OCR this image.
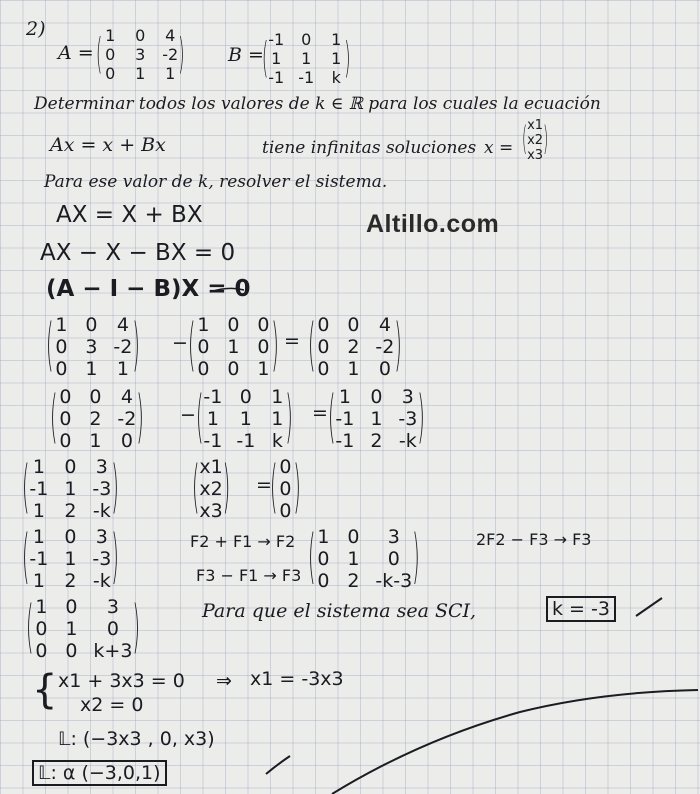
2)
A = ( 1 0 4
0 3 -2
0 1 1 ) B =
( -1 0 1
1 1 1
-1 -1 k )
Determinar todos los valores de k ∈ ℝ para los cuales la ecuación
Ax = x + Bx	tiene infinitas soluciones x = ( x1
x2
x3 )
Para ese valor de k, resolver el sistema.
Altillo.com
AX = X + BX
AX − X − BX = 0
(A − I − B)X = 0
( 1 0 4
0 3 -2
0 1 1 ) − ( 1 0 0
0 1 0
0 0 1 ) = ( 0 0 4
0 2 -2
0 1 0 )
( 0 0 4
0 2 -2
0 1 0 ) − ( -1 0 1
1 1 1
-1 -1 k ) = ( 1 0 3
-1 1 -3
-1 2 -k )
( 1 0 3
-1 1 -3
1 2 -k )	( x1
x2
x3 ) =
( 0
0
0 )
( 1 0 3
-1 1 -3
1 2 -k )	F2 + F1 → F2
F3 − F1 → F3 ( 1 0	3
0 1	0
0 2 -k-3 )	2F2 − F3 → F3
( 1 0	3
0 1	0
0 0 k+3 )	Para que el sistema sea SCI,	k = -3
{ x1 + 3x3 = 0 ⇒ x1 = -3x3
x2 = 0
𝕃: (−3x3 , 0, x3)
𝕃: α (−3,0,1)
